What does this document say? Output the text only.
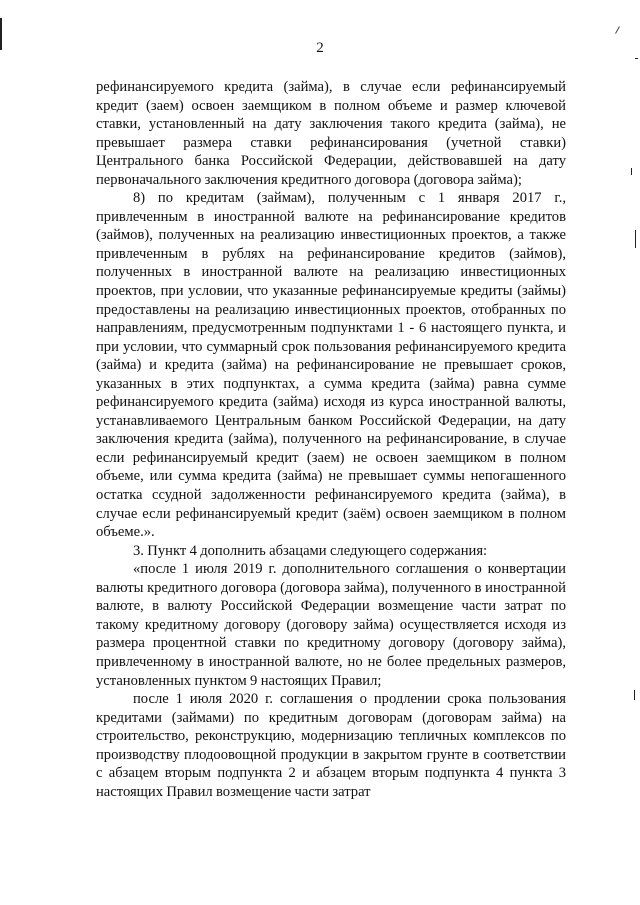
2

рефинансируемого кредита (займа), в случае если рефинансируемый кредит (заем) освоен заемщиком в полном объеме и размер ключевой ставки, установленный на дату заключения такого кредита (займа), не превышает размера ставки рефинансирования (учетной ставки) Центрального банка Российской Федерации, действовавшей на дату первоначального заключения кредитного договора (договора займа);

8) по кредитам (займам), полученным с 1 января 2017 г., привлеченным в иностранной валюте на рефинансирование кредитов (займов), полученных на реализацию инвестиционных проектов, а также привлеченным в рублях на рефинансирование кредитов (займов), полученных в иностранной валюте на реализацию инвестиционных проектов, при условии, что указанные рефинансируемые кредиты (займы) предоставлены на реализацию инвестиционных проектов, отобранных по направлениям, предусмотренным подпунктами 1 - 6 настоящего пункта, и при условии, что суммарный срок пользования рефинансируемого кредита (займа) и кредита (займа) на рефинансирование не превышает сроков, указанных в этих подпунктах, а сумма кредита (займа) равна сумме рефинансируемого кредита (займа) исходя из курса иностранной валюты, устанавливаемого Центральным банком Российской Федерации, на дату заключения кредита (займа), полученного на рефинансирование, в случае если рефинансируемый кредит (заем) не освоен заемщиком в полном объеме, или сумма кредита (займа) не превышает суммы непогашенного остатка ссудной задолженности рефинансируемого кредита (займа), в случае если рефинансируемый кредит (заём) освоен заемщиком в полном объеме.».

3. Пункт 4 дополнить абзацами следующего содержания:

«после 1 июля 2019 г. дополнительного соглашения о конвертации валюты кредитного договора (договора займа), полученного в иностранной валюте, в валюту Российской Федерации возмещение части затрат по такому кредитному договору (договору займа) осуществляется исходя из размера процентной ставки по кредитному договору (договору займа), привлеченному в иностранной валюте, но не более предельных размеров, установленных пунктом 9 настоящих Правил;

после 1 июля 2020 г. соглашения о продлении срока пользования кредитами (займами) по кредитным договорам (договорам займа) на строительство, реконструкцию, модернизацию тепличных комплексов по производству плодоовощной продукции в закрытом грунте в соответствии с абзацем вторым подпункта 2 и абзацем вторым подпункта 4 пункта 3 настоящих Правил возмещение части затрат
